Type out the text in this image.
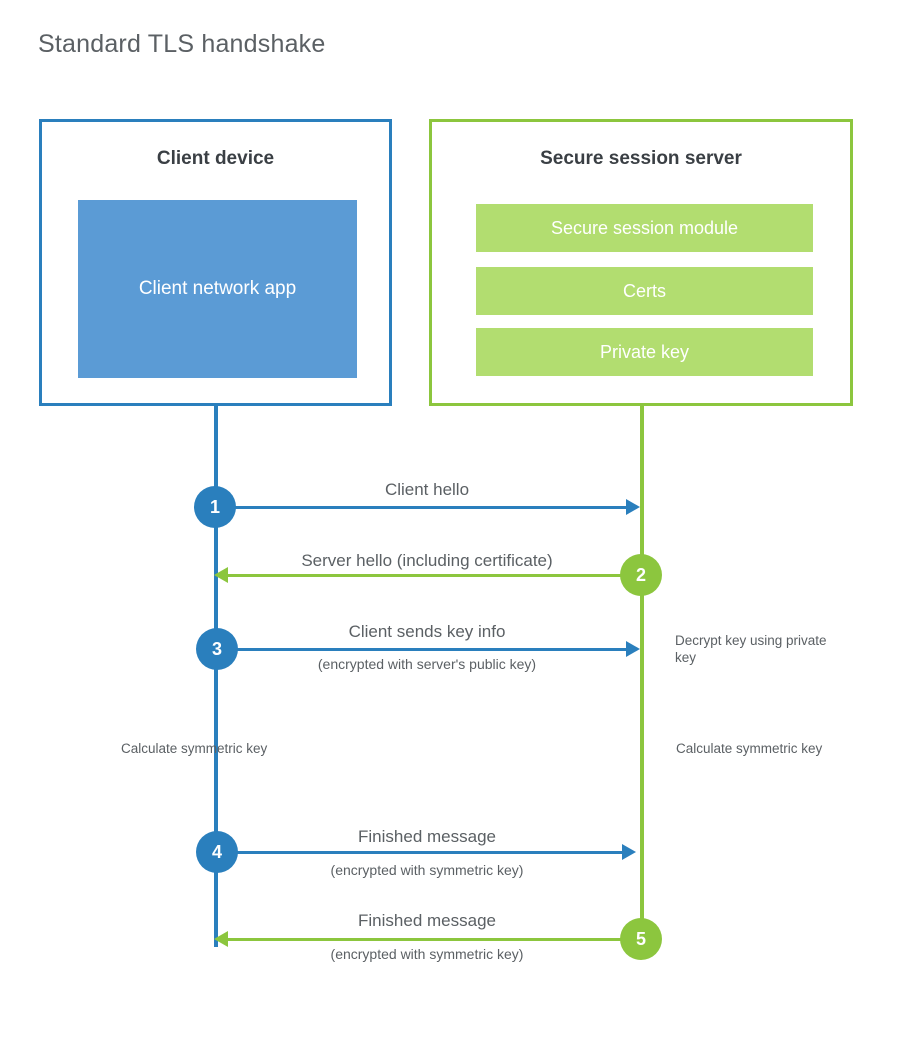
Standard TLS handshake
Client device
Client network app
Secure session server
Secure session module
Certs
Private key
Client hello
1
Server hello (including certificate)
2
Client sends key info
(encrypted with server's public key)
3	Decrypt key using private key
Calculate symmetric key	Calculate symmetric key
Finished message
(encrypted with symmetric key)
4
Finished message
(encrypted with symmetric key)
5
